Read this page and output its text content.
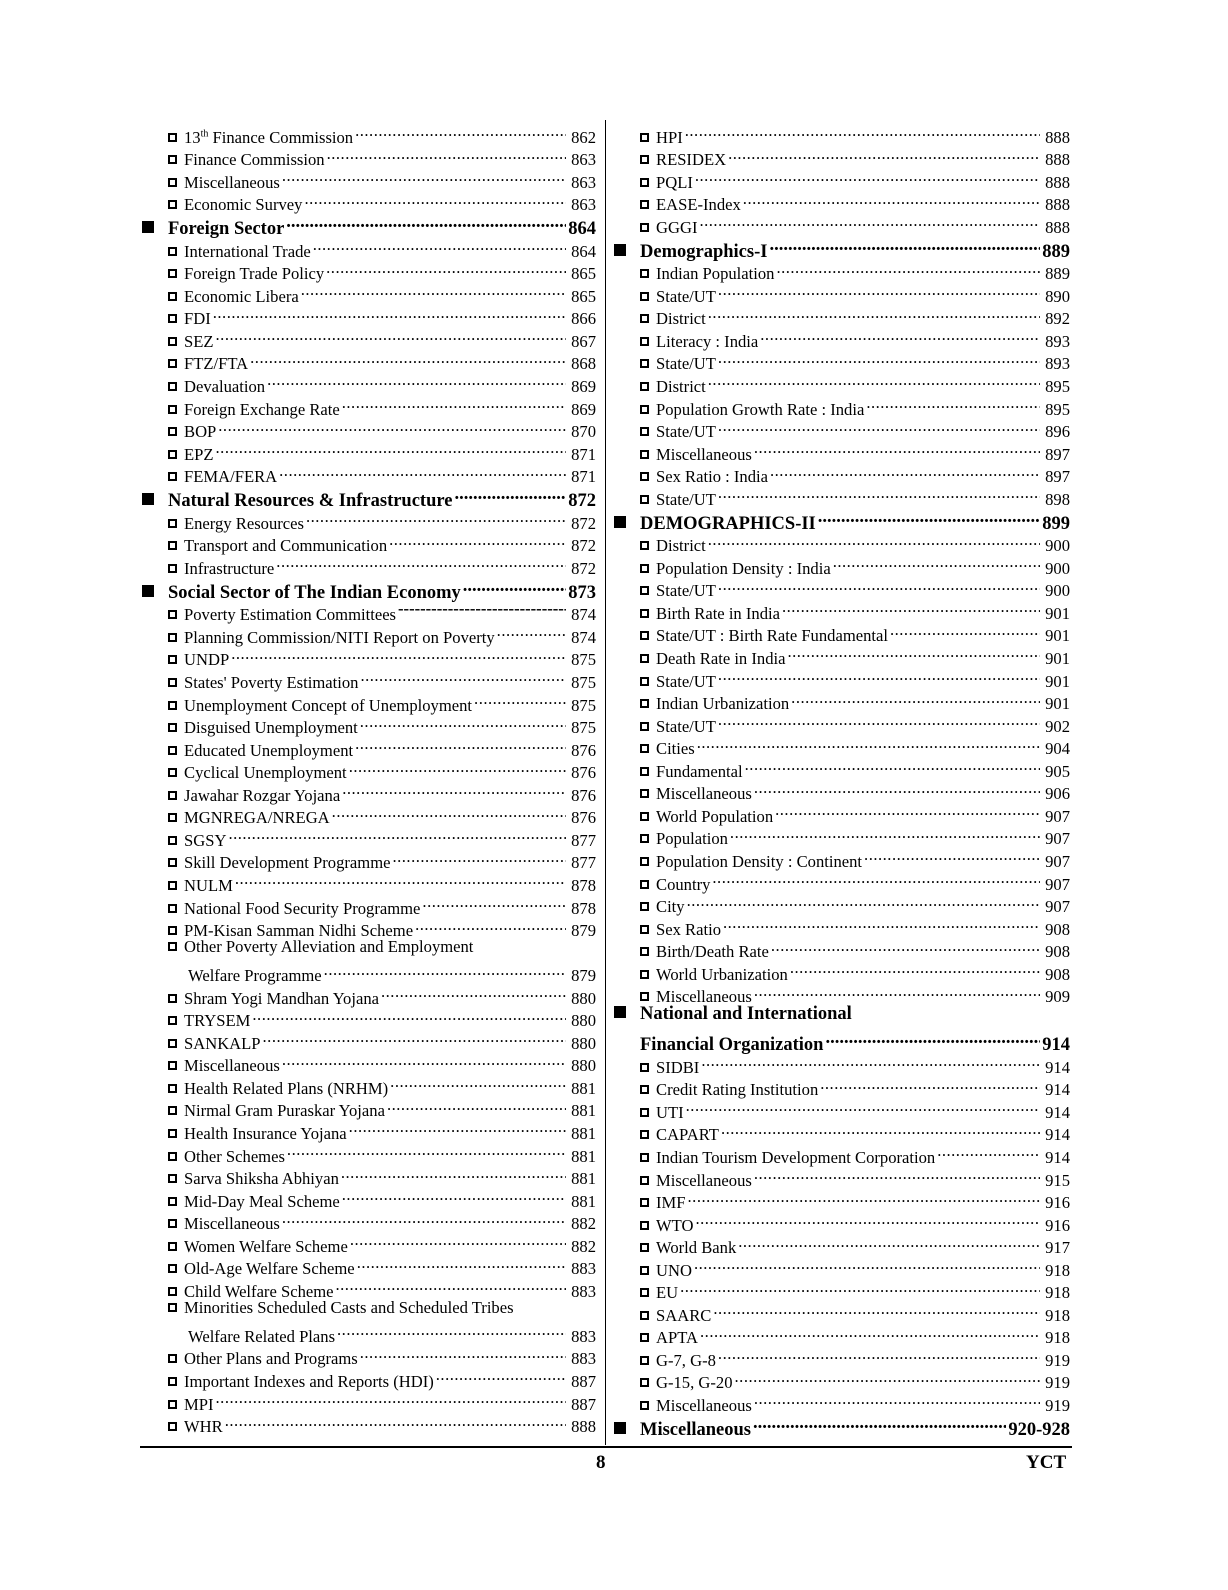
13th Finance Commission .....	862
Finance Commission .....	863
Miscellaneous .....	863
Economic Survey .....	863
Foreign Sector .....	864
International Trade .....	864
Foreign Trade Policy .....	865
Economic Libera .....	865
FDI .....	866
SEZ .....	867
FTZ/FTA .....	868
Devaluation .....	869
Foreign Exchange Rate .....	869
BOP .....	870
EPZ .....	871
FEMA/FERA .....	871
Natural Resources & Infrastructure .....	872
Energy Resources .....	872
Transport and Communication .....	872
Infrastructure .....	872
Social Sector of The Indian Economy .....	873
Poverty Estimation Committees -----	874
Planning Commission/NITI Report on Poverty .....	874
UNDP .....	875
States' Poverty Estimation .....	875
Unemployment Concept of Unemployment .....	875
Disguised Unemployment .....	875
Educated Unemployment .....	876
Cyclical Unemployment .....	876
Jawahar Rozgar Yojana .....	876
MGNREGA/NREGA .....	876
SGSY .....	877
Skill Development Programme .....	877
NULM .....	878
National Food Security Programme .....	878
PM-Kisan Samman Nidhi Scheme .....	879
Other Poverty Alleviation and Employment
Welfare Programme .....	879
Shram Yogi Mandhan Yojana .....	880
TRYSEM .....	880
SANKALP .....	880
Miscellaneous .....	880
Health Related Plans (NRHM) .....	881
Nirmal Gram Puraskar Yojana .....	881
Health Insurance Yojana .....	881
Other Schemes .....	881
Sarva Shiksha Abhiyan .....	881
Mid-Day Meal Scheme .....	881
Miscellaneous .....	882
Women Welfare Scheme .....	882
Old-Age Welfare Scheme .....	883
Child Welfare Scheme .....	883
Minorities Scheduled Casts and Scheduled Tribes
Welfare Related Plans .....	883
Other Plans and Programs .....	883
Important Indexes and Reports (HDI) .....	887
MPI .....	887
WHR .....	888
HPI .....	888
RESIDEX .....	888
PQLI .....	888
EASE-Index .....	888
GGGI .....	888
Demographics-I .....	889
Indian Population .....	889
State/UT .....	890
District .....	892
Literacy : India .....	893
State/UT .....	893
District .....	895
Population Growth Rate : India .....	895
State/UT .....	896
Miscellaneous .....	897
Sex Ratio : India .....	897
State/UT .....	898
DEMOGRAPHICS-II .....	899
District .....	900
Population Density : India .....	900
State/UT .....	900
Birth Rate in India .....	901
State/UT : Birth Rate Fundamental .....	901
Death Rate in India .....	901
State/UT .....	901
Indian Urbanization .....	901
State/UT .....	902
Cities .....	904
Fundamental .....	905
Miscellaneous .....	906
World Population .....	907
Population .....	907
Population Density : Continent .....	907
Country .....	907
City .....	907
Sex Ratio .....	908
Birth/Death Rate .....	908
World Urbanization .....	908
Miscellaneous .....	909
National and International
Financial Organization .....	914
SIDBI .....	914
Credit Rating Institution .....	914
UTI .....	914
CAPART .....	914
Indian Tourism Development Corporation .....	914
Miscellaneous .....	915
IMF .....	916
WTO .....	916
World Bank .....	917
UNO .....	918
EU .....	918
SAARC .....	918
APTA .....	918
G-7, G-8 .....	919
G-15, G-20 .....	919
Miscellaneous .....	919
Miscellaneous .....	920-928
8	YCT
